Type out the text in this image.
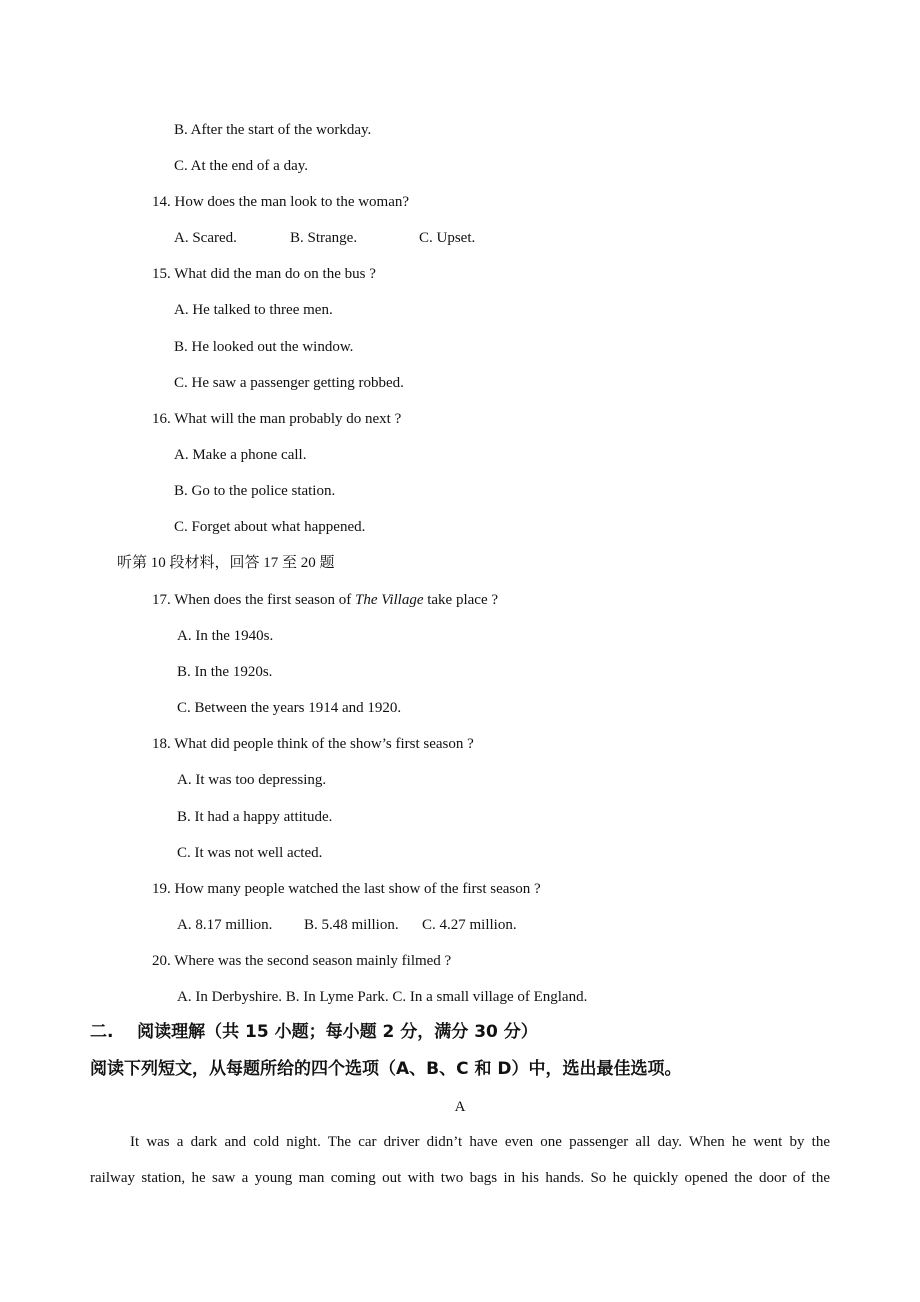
B. After the start of the workday.
C. At the end of a day.
14. How does the man look to the woman?
A. Scared.	B. Strange.	C. Upset.
15. What did the man do on the bus ?
A. He talked to three men.
B. He looked out the window.
C. He saw a passenger getting robbed.
16. What will the man probably do next ?
A. Make a phone call.
B. Go to the police station.
C. Forget about what happened.
听第 10 段材料，回答 17 至 20 题
17. When does the first season of The Village take place ?
A. In the 1940s.
B. In the 1920s.
C. Between the years 1914 and 1920.
18. What did people think of the show’s first season ?
A. It was too depressing.
B. It had a happy attitude.
C. It was not well acted.
19. How many people watched the last show of the first season ?
A. 8.17 million. B. 5.48 million. C. 4.27 million.
20. Where was the second season mainly filmed ?
A. In Derbyshire. B. In Lyme Park. C. In a small village of England.
二.    阅读理解（共 15 小题；每小题 2 分，满分 30 分）
阅读下列短文，从每题所给的四个选项（A、B、C 和 D）中，选出最佳选项。
A
It was a dark and cold night. The car driver didn’t have even one passenger all day. When he went by the
railway station, he saw a young man coming out with two bags in his hands. So he quickly opened the door of the
